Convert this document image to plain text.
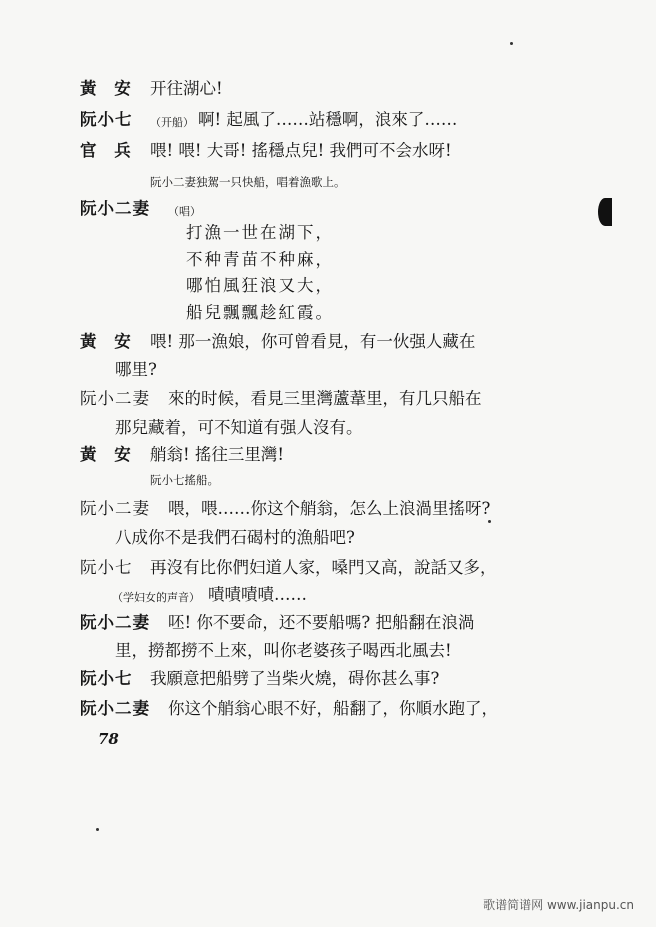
黃 安 开往湖心!
阮小七 （开船） 啊! 起風了……站穩啊，浪來了……
官 兵 喂! 喂! 大哥! 搖穩点兒! 我們可不会水呀!
阮小二妻独駕一只快船，唱着漁歌上。
阮小二妻 （唱）
打漁一世在湖下，
不种青苗不种麻，
哪怕風狂浪又大，
船兒飄飄趁紅霞。
黃 安 喂! 那一漁娘，你可曾看見，有一伙强人藏在
哪里?
阮小二妻 來的时候，看見三里灣蘆葦里，有几只船在
那兒藏着，可不知道有强人沒有。
黃 安 艄翁! 搖往三里灣!
阮小七搖船。
阮小二妻 喂，喂……你这个艄翁，怎么上浪渦里搖呀?
八成你不是我們石碣村的漁船吧?
阮小七 再沒有比你們妇道人家，嗓門又高，說話又多，
（学妇女的声音） 嘖嘖嘖嘖……
阮小二妻 呸! 你不要命，还不要船嗎? 把船翻在浪渦
里，撈都撈不上來，叫你老婆孩子喝西北風去!
阮小七 我願意把船劈了当柴火燒，碍你甚么事?
阮小二妻 你这个艄翁心眼不好，船翻了，你順水跑了，
78
歌谱简谱网 www.jianpu.cn
